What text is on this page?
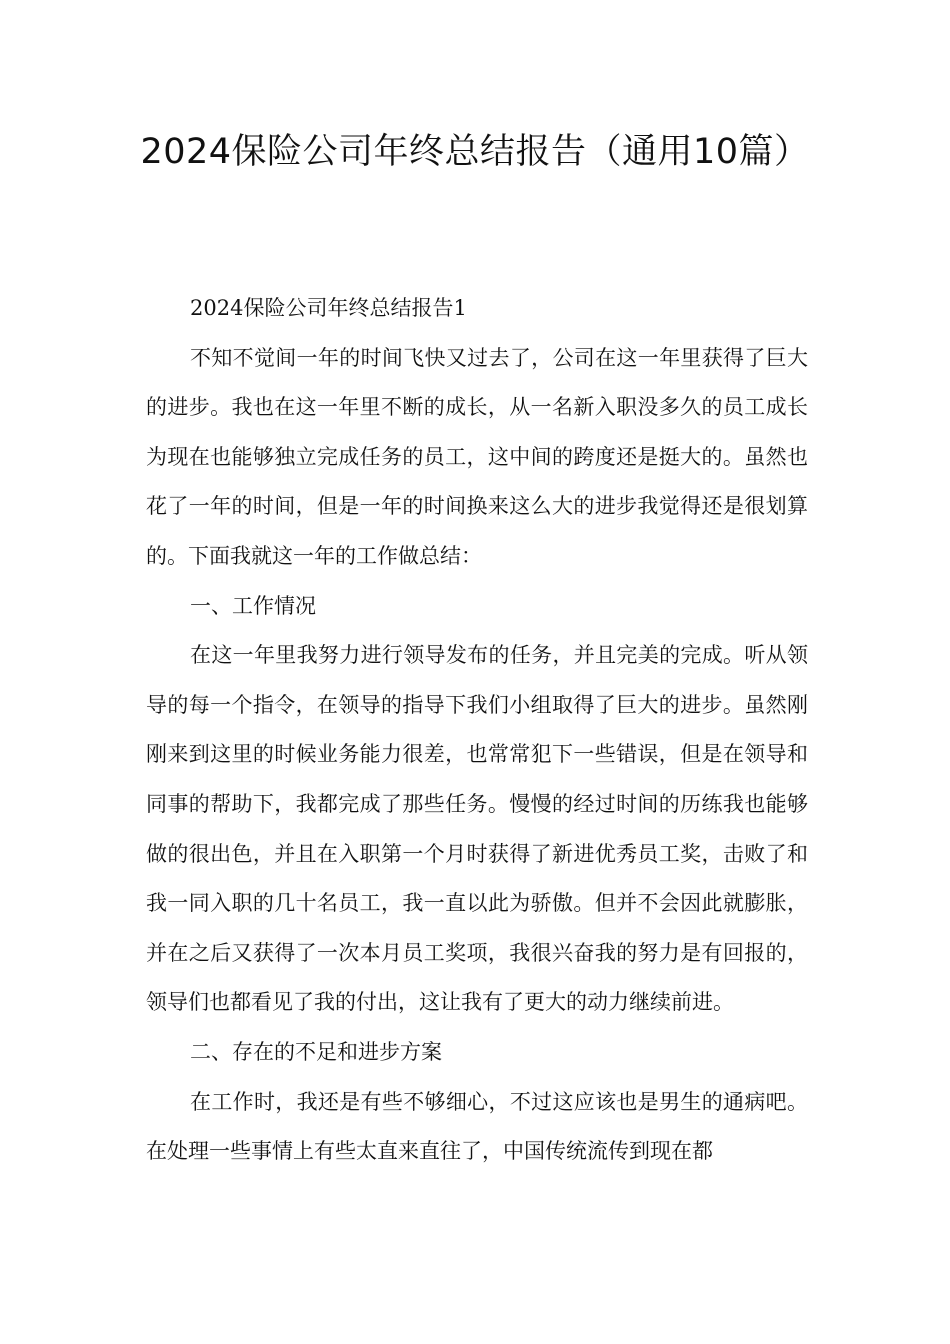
2024保险公司年终总结报告（通用10篇）

2024保险公司年终总结报告1

不知不觉间一年的时间飞快又过去了，公司在这一年里获得了巨大的进步。我也在这一年里不断的成长，从一名新入职没多久的员工成长为现在也能够独立完成任务的员工，这中间的跨度还是挺大的。虽然也花了一年的时间，但是一年的时间换来这么大的进步我觉得还是很划算的。下面我就这一年的工作做总结：

一、工作情况

在这一年里我努力进行领导发布的任务，并且完美的完成。听从领导的每一个指令，在领导的指导下我们小组取得了巨大的进步。虽然刚刚来到这里的时候业务能力很差，也常常犯下一些错误，但是在领导和同事的帮助下，我都完成了那些任务。慢慢的经过时间的历练我也能够做的很出色，并且在入职第一个月时获得了新进优秀员工奖，击败了和我一同入职的几十名员工，我一直以此为骄傲。但并不会因此就膨胀，并在之后又获得了一次本月员工奖项，我很兴奋我的努力是有回报的，领导们也都看见了我的付出，这让我有了更大的动力继续前进。

二、存在的不足和进步方案

在工作时，我还是有些不够细心，不过这应该也是男生的通病吧。在处理一些事情上有些太直来直往了，中国传统流传到现在都
